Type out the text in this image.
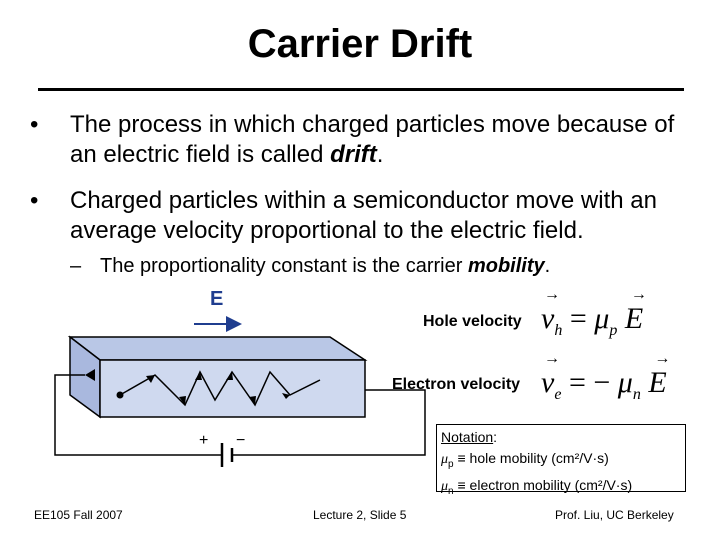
Carrier Drift
• The process in which charged particles move because of an electric field is called drift.
• Charged particles within a semiconductor move with an average velocity proportional to the electric field.
– The proportionality constant is the carrier mobility.
E
+ −
Hole velocity
Electron velocity
→
$v_h = \mu_p$
→
E
→
$v_e$ = − $\mu_n$
→
E
Notation:
$\mu_p$ ≡ hole mobility (cm²/V·s)
$\mu_n$ ≡ electron mobility (cm²/V·s)
EE105 Fall 2007	Lecture 2, Slide 5	Prof. Liu, UC Berkeley
